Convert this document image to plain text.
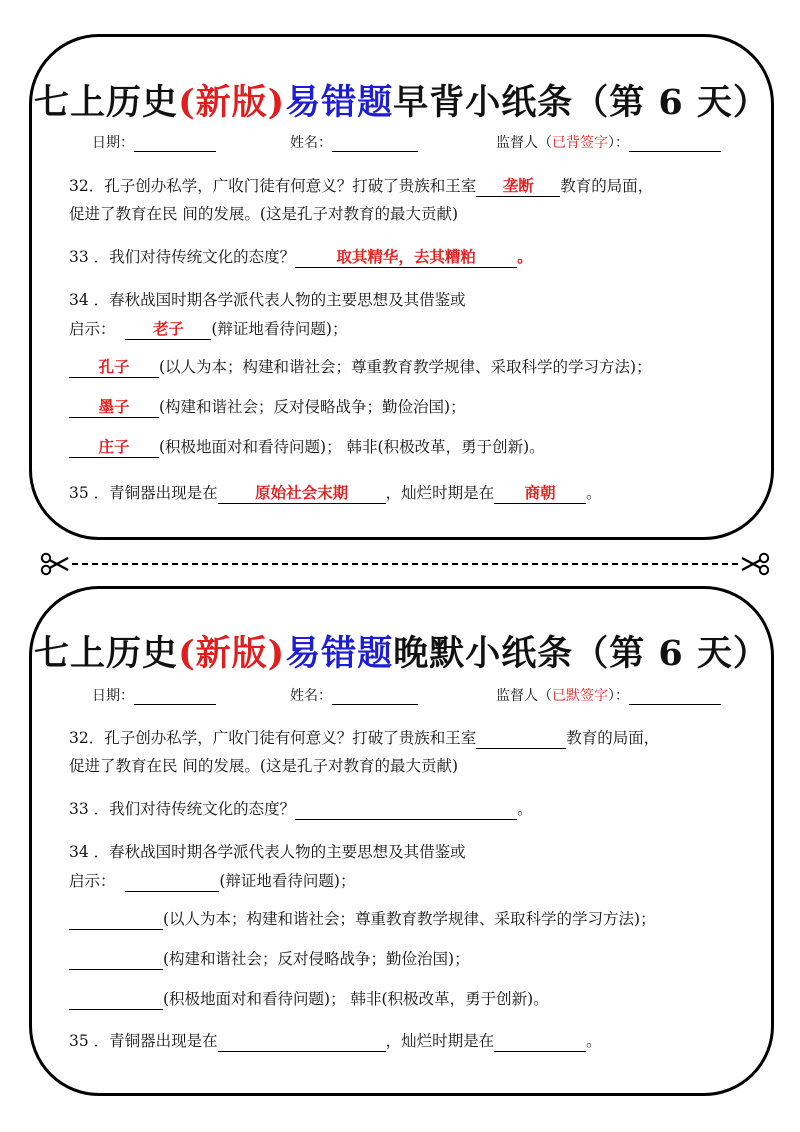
七上历史(新版)易错题早背小纸条（第 6 天）
日期：	姓名：	监督人（已背签字）：
32．孔子创办私学，广收门徒有何意义？打破了贵族和王室 垄断 教育的局面，
促进了教育在民 间的发展。(这是孔子对教育的最大贡献)
33 ．我们对待传统文化的态度？	取其精华，去其糟粕	。
34 ．春秋战国时期各学派代表人物的主要思想及其借鉴或
启示： 老子 (辩证地看待问题)；
孔子 (以人为本；构建和谐社会；尊重教育教学规律、采取科学的学习方法)；
墨子 (构建和谐社会；反对侵略战争；勤俭治国)；
庄子 (积极地面对和看待问题)； 韩非(积极改革，勇于创新)。
35 ．青铜器出现是在 原始社会末期 ，灿烂时期是在 商朝 。
七上历史(新版)易错题晚默小纸条（第 6 天）
日期：	姓名：	监督人（已默签字）：
32．孔子创办私学，广收门徒有何意义？打破了贵族和王室	教育的局面，
促进了教育在民 间的发展。(这是孔子对教育的最大贡献)
33 ．我们对待传统文化的态度？	。
34 ．春秋战国时期各学派代表人物的主要思想及其借鉴或
启示：	(辩证地看待问题)；
(以人为本；构建和谐社会；尊重教育教学规律、采取科学的学习方法)；
(构建和谐社会；反对侵略战争；勤俭治国)；
(积极地面对和看待问题)； 韩非(积极改革，勇于创新)。
35 ．青铜器出现是在	，灿烂时期是在	。
